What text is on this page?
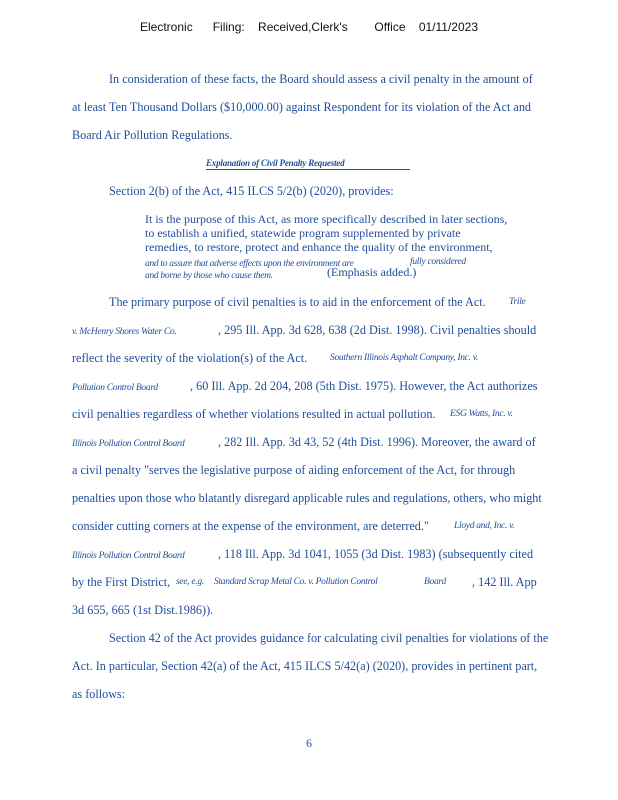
Electronic      Filing:    Received,Clerk's        Office    01/11/2023
In consideration of these facts, the Board should assess a civil penalty in the amount of
at least Ten Thousand Dollars ($10,000.00) against Respondent for its violation of the Act and
Board Air Pollution Regulations.
Explanation of Civil Penalty Requested
Section 2(b) of the Act, 415 ILCS 5/2(b) (2020), provides:
It is the purpose of this Act, as more specifically described in later sections,
to establish a unified, statewide program supplemented by private
remedies, to restore, protect and enhance the quality of the environment,
and to assure that adverse effects upon the environment are	fully considered
and borne by those who cause them.	(Emphasis added.)
The primary purpose of civil penalties is to aid in the enforcement of the Act. Trile
v. McHenry Shores Water Co.	, 295 Ill. App. 3d 628, 638 (2d Dist. 1998). Civil penalties should
reflect the severity of the violation(s) of the Act. Southern Illinois Asphalt Company, Inc. v.
Pollution Control Board	, 60 Ill. App. 2d 204, 208 (5th Dist. 1975). However, the Act authorizes
civil penalties regardless of whether violations resulted in actual pollution. ESG Watts, Inc. v.
Illinois Pollution Control Board	, 282 Ill. App. 3d 43, 52 (4th Dist. 1996). Moreover, the award of
a civil penalty "serves the legislative purpose of aiding enforcement of the Act, for through
penalties upon those who blatantly disregard applicable rules and regulations, others, who might
consider cutting corners at the expense of the environment, are deterred."	Lloyd and, Inc. v.
Illinois Pollution Control Board	, 118 Ill. App. 3d 1041, 1055 (3d Dist. 1983) (subsequently cited
by the First District, see, e.g. Standard Scrap Metal Co. v. Pollution Control	Board , 142 Ill. App
3d 655, 665 (1st Dist.1986)).
Section 42 of the Act provides guidance for calculating civil penalties for violations of the
Act. In particular, Section 42(a) of the Act, 415 ILCS 5/42(a) (2020), provides in pertinent part,
as follows:
6
